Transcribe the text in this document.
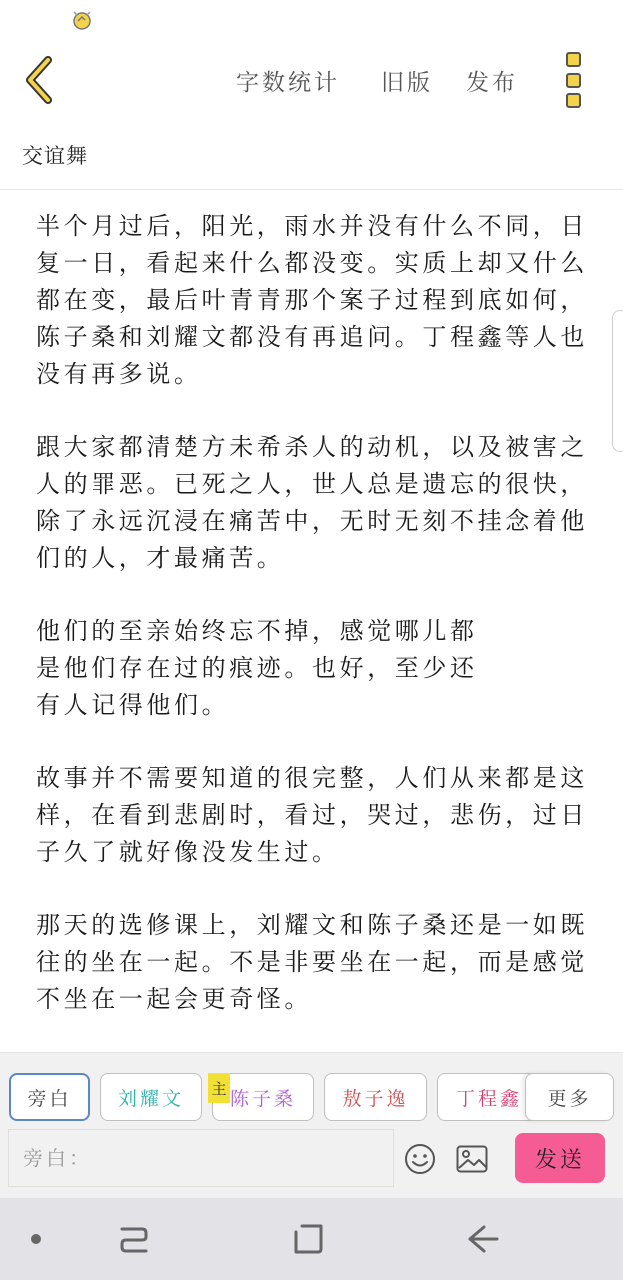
字数统计 旧版 发布
交谊舞

半个月过后，阳光，雨水并没有什么不同，日复一日，看起来什么都没变。实质上却又什么都在变，最后叶青青那个案子过程到底如何，陈子桑和刘耀文都没有再追问。丁程鑫等人也没有再多说。

跟大家都清楚方未希杀人的动机，以及被害之人的罪恶。已死之人，世人总是遗忘的很快，除了永远沉浸在痛苦中，无时无刻不挂念着他们的人，才最痛苦。

他们的至亲始终忘不掉，感觉哪儿都
是他们存在过的痕迹。也好，至少还
有人记得他们。

故事并不需要知道的很完整，人们从来都是这样，在看到悲剧时，看过，哭过，悲伤，过日子久了就好像没发生过。

那天的选修课上，刘耀文和陈子桑还是一如既往的坐在一起。不是非要坐在一起，而是感觉不坐在一起会更奇怪。

旁白	刘耀文	陈子桑
主	敖子逸	丁程鑫	更多
旁白：
发送
